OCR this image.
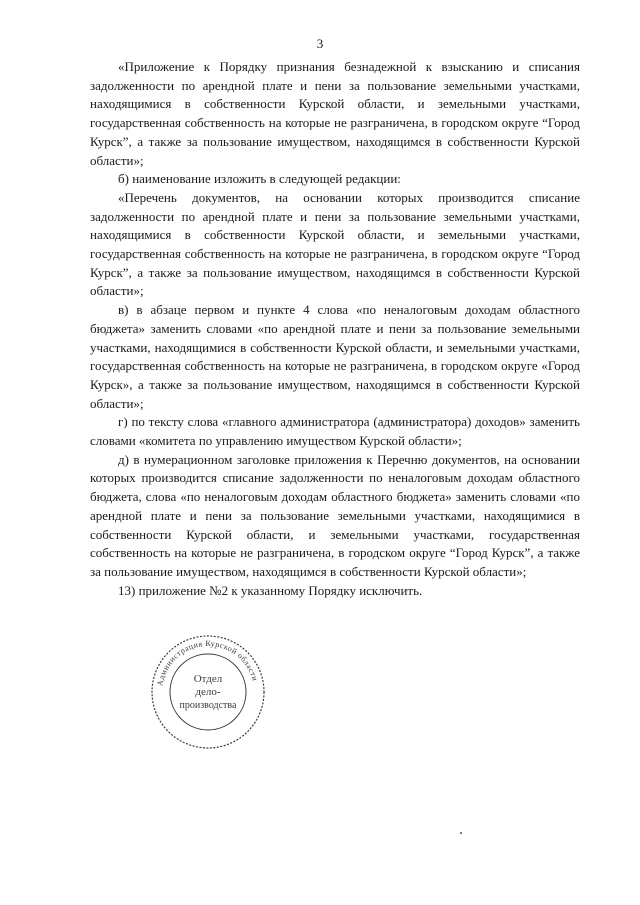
3

«Приложение к Порядку признания безнадежной к взысканию и списания задолженности по арендной плате и пени за пользование земельными участками, находящимися в собственности Курской области, и земельными участками, государственная собственность на которые не разграничена, в городском округе “Город Курск”, а также за пользование имуществом, находящимся в собственности Курской области»;

б) наименование изложить в следующей редакции:

«Перечень документов, на основании которых производится списание задолженности по арендной плате и пени за пользование земельными участками, находящимися в собственности Курской области, и земельными участками, государственная собственность на которые не разграничена, в городском округе “Город Курск”, а также за пользование имуществом, находящимся в собственности Курской области»;

в) в абзаце первом и пункте 4 слова «по неналоговым доходам областного бюджета» заменить словами «по арендной плате и пени за пользование земельными участками, находящимися в собственности Курской области, и земельными участками, государственная собственность на которые не разграничена, в городском округе «Город Курск», а также за пользование имуществом, находящимся в собственности Курской области»;

г) по тексту слова «главного администратора (администратора) доходов» заменить словами «комитета по управлению имуществом Курской области»;

д) в нумерационном заголовке приложения к Перечню документов, на основании которых производится списание задолженности по неналоговым доходам областного бюджета, слова «по неналоговым доходам областного бюджета» заменить словами «по арендной плате и пени за пользование земельными участками, находящимися в собственности Курской области, и земельными участками, государственная собственность на которые не разграничена, в городском округе “Город Курск”, а также за пользование имуществом, находящимся в собственности Курской области»;

13) приложение №2 к указанному Порядку исключить.

Администрация Курской области
Отдел
дело-
производства
